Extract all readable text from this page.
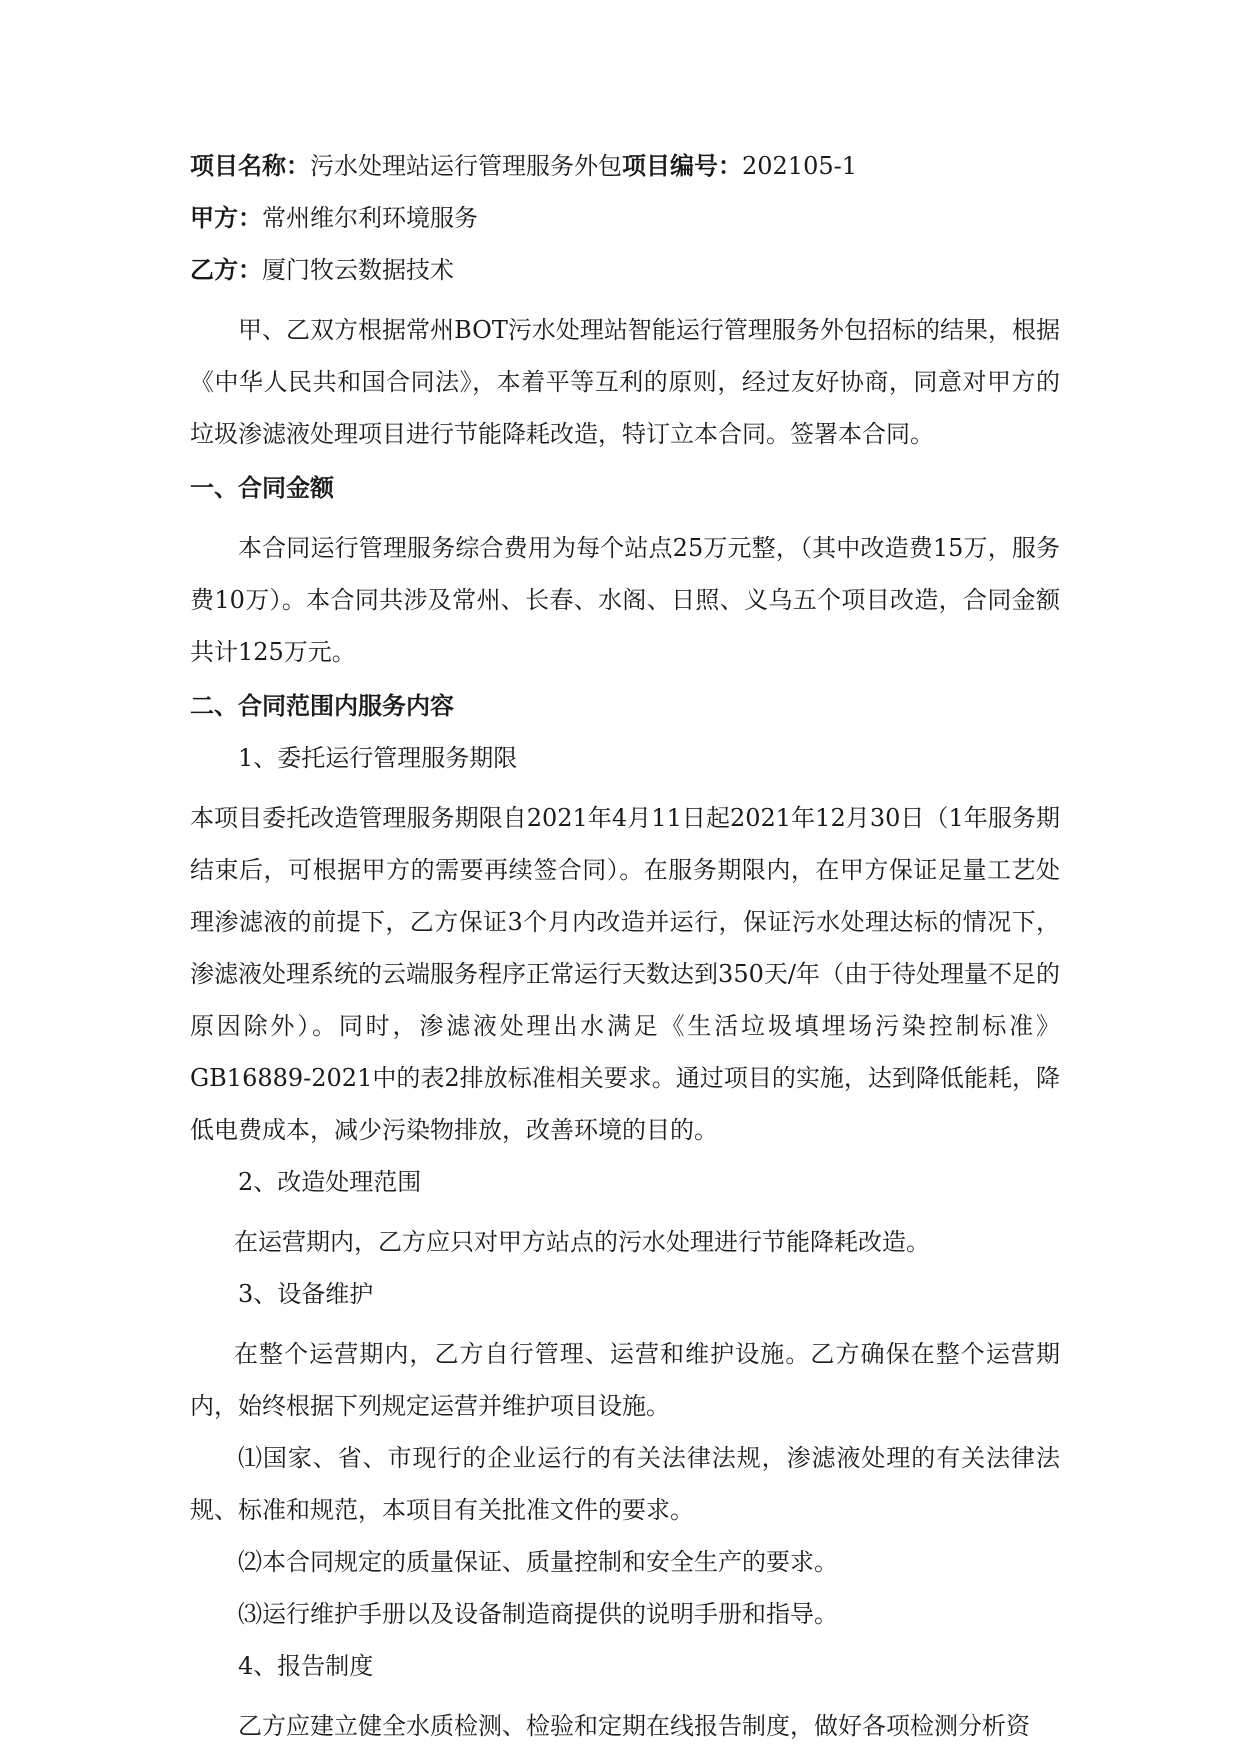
项目名称：污水处理站运行管理服务外包项目编号：202105-1
甲方：常州维尔利环境服务
乙方：厦门牧云数据技术

甲、乙双方根据常州BOT污水处理站智能运行管理服务外包招标的结果，根据《中华人民共和国合同法》，本着平等互利的原则，经过友好协商，同意对甲方的垃圾渗滤液处理项目进行节能降耗改造，特订立本合同。签署本合同。

一、合同金额

本合同运行管理服务综合费用为每个站点25万元整，（其中改造费15万，服务费10万）。本合同共涉及常州、长春、水阁、日照、义乌五个项目改造，合同金额共计125万元。

二、合同范围内服务内容
1、委托运行管理服务期限

本项目委托改造管理服务期限自2021年4月11日起2021年12月30日（1年服务期结束后，可根据甲方的需要再续签合同）。在服务期限内，在甲方保证足量工艺处理渗滤液的前提下，乙方保证3个月内改造并运行，保证污水处理达标的情况下，渗滤液处理系统的云端服务程序正常运行天数达到350天/年（由于待处理量不足的原因除外）。同时，渗滤液处理出水满足《生活垃圾填埋场污染控制标准》GB16889-2021中的表2排放标准相关要求。通过项目的实施，达到降低能耗，降低电费成本，减少污染物排放，改善环境的目的。

2、改造处理范围

在运营期内，乙方应只对甲方站点的污水处理进行节能降耗改造。

3、设备维护

在整个运营期内，乙方自行管理、运营和维护设施。乙方确保在整个运营期内，始终根据下列规定运营并维护项目设施。

⑴国家、省、市现行的企业运行的有关法律法规，渗滤液处理的有关法律法规、标准和规范，本项目有关批准文件的要求。

⑵本合同规定的质量保证、质量控制和安全生产的要求。

⑶运行维护手册以及设备制造商提供的说明手册和指导。

4、报告制度

乙方应建立健全水质检测、检验和定期在线报告制度，做好各项检测分析资
